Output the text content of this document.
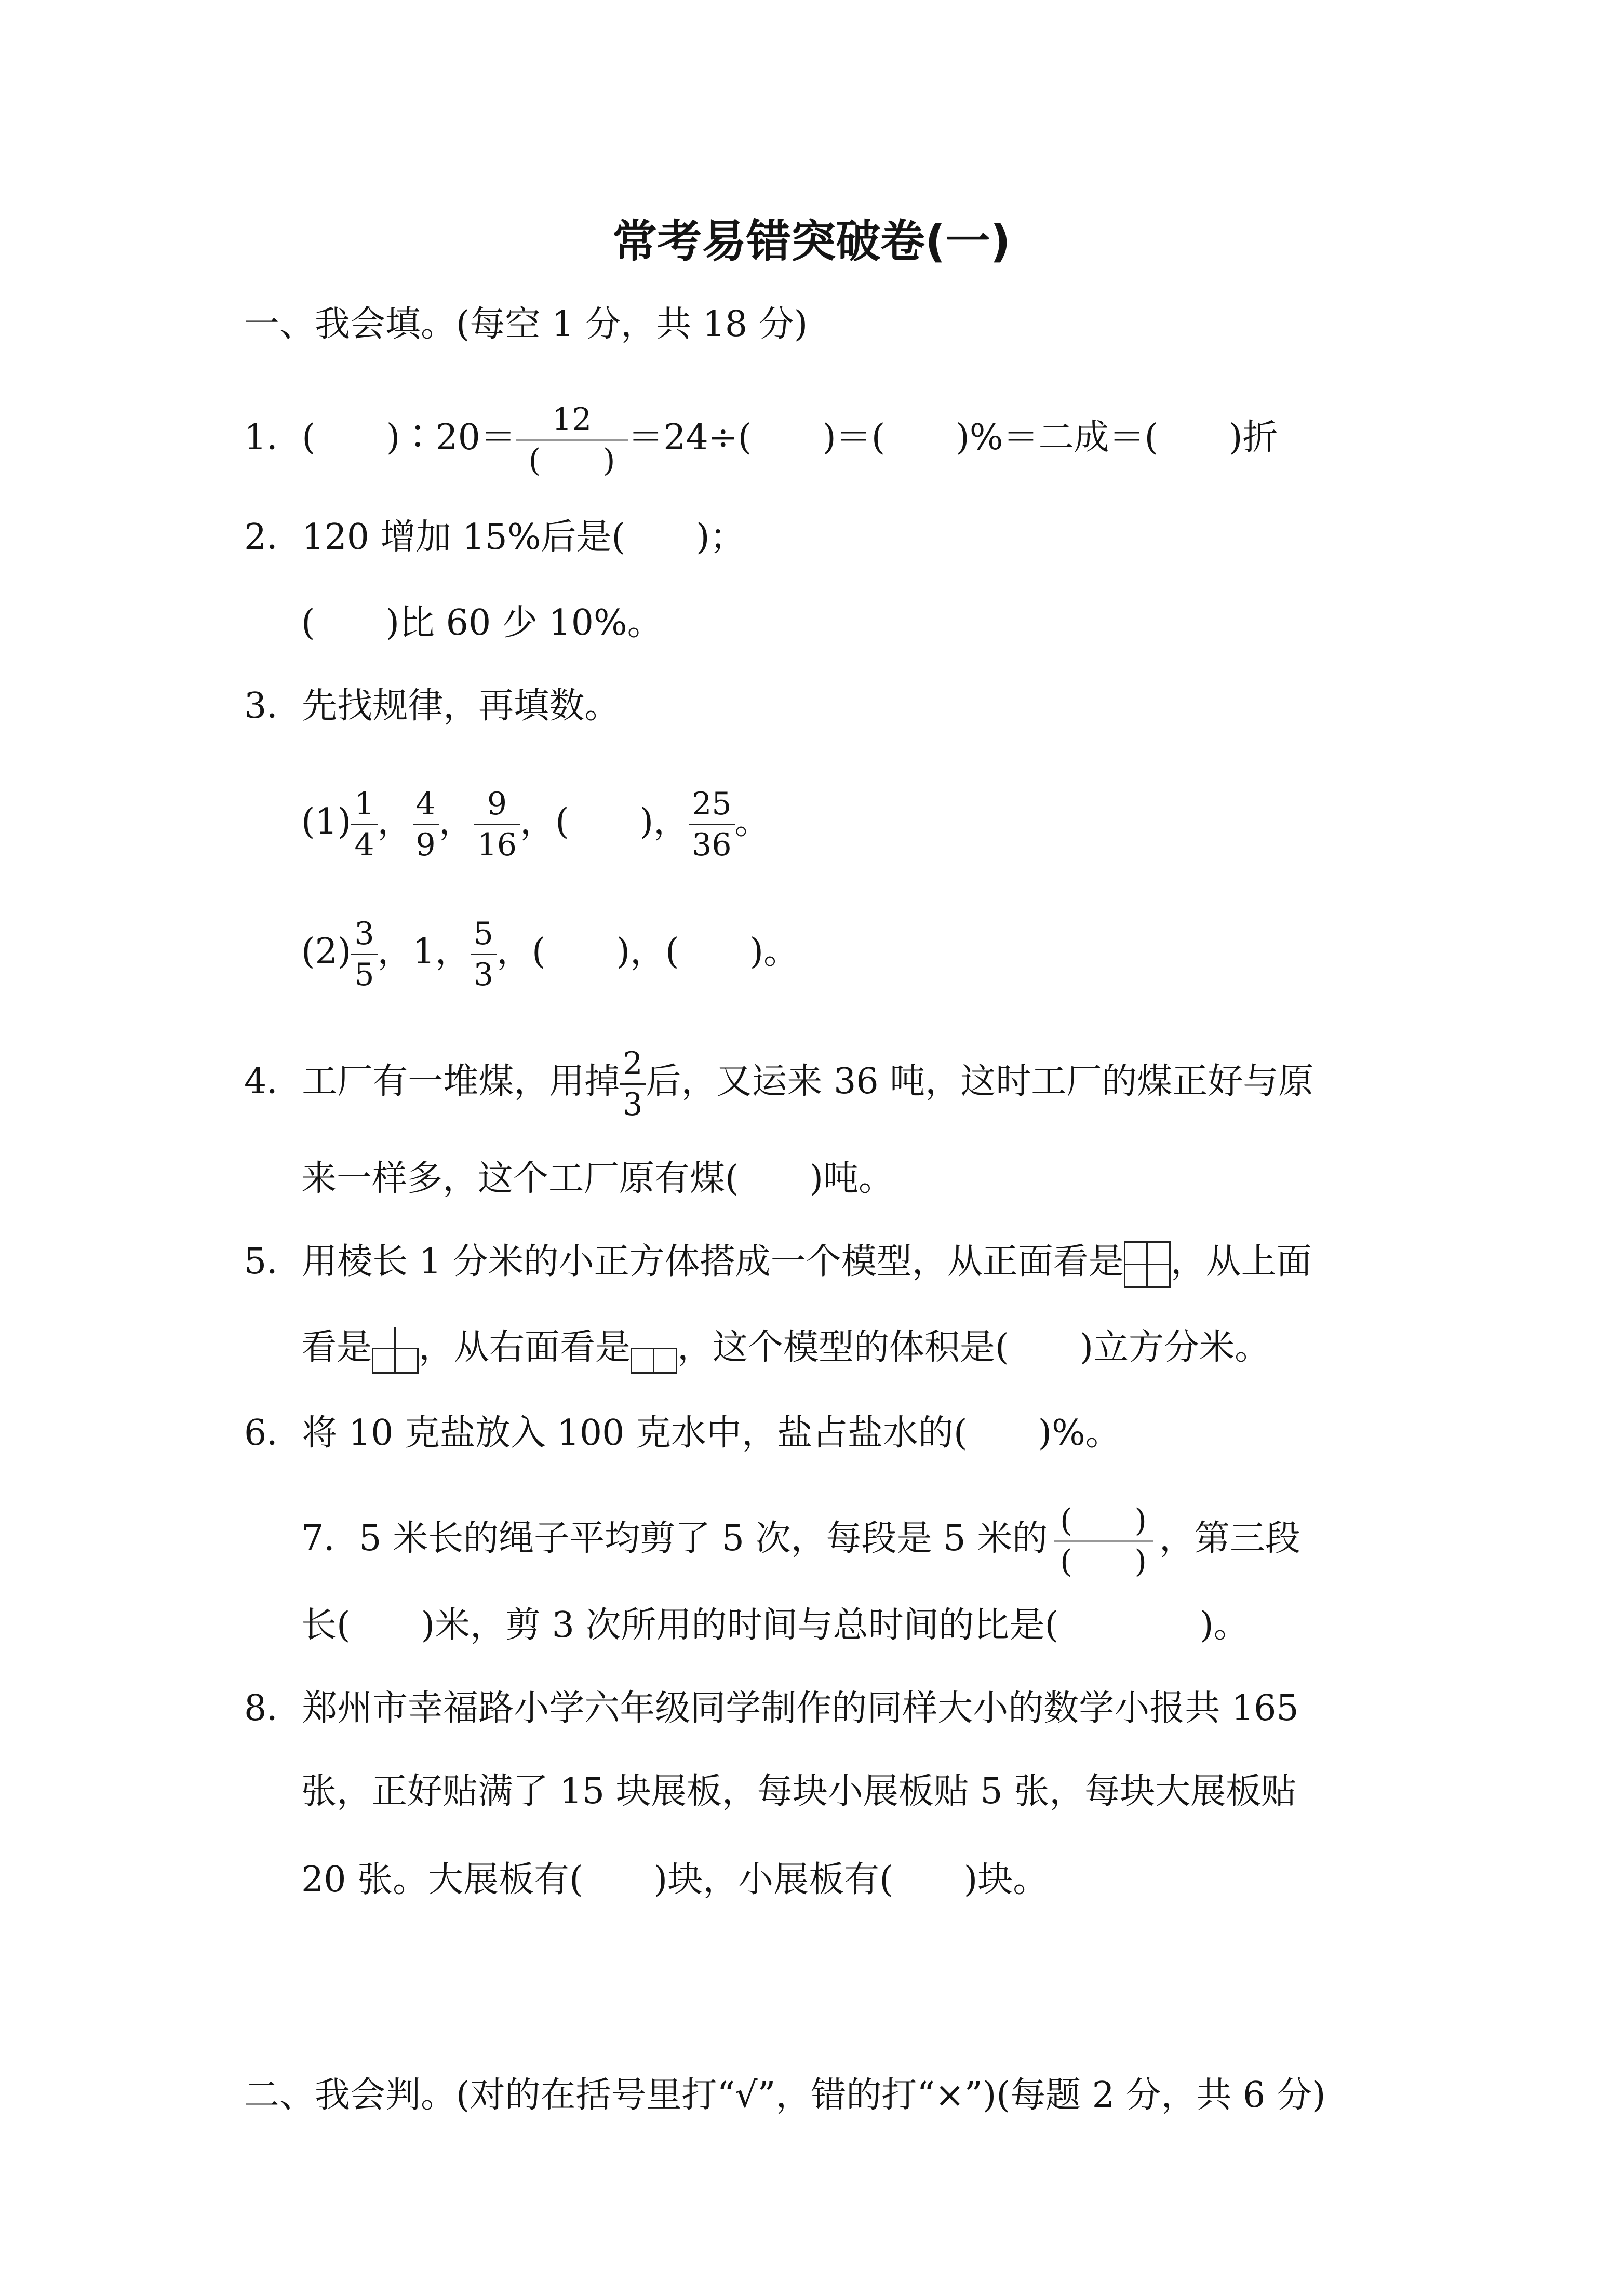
常考易错突破卷(一)
一、我会填。(每空 1 分，共 18 分)
1．(　　)∶20＝ $\frac{12}{( )} =24\div$(　　)＝(　　)%＝二成＝(　　)折
2．120 增加 15%后是(　　)；
(　　)比 60 少 10%。
3．先找规律，再填数。
$(1) \frac{1}{4}$ ， $\frac{4}{9}$ ， $\frac{9}{16}$ ，(　　)， $\frac{25}{36}$ 。
$(2) \frac{3}{5}$ ，1， $\frac{5}{3}$ ，(　　)，(　　)。
4．工厂有一堆煤，用掉 $\frac{2}{3}$ 后，又运来 36 吨，这时工厂的煤正好与原
来一样多，这个工厂原有煤(　　)吨。
5．用棱长 1 分米的小正方体搭成一个模型，从正面看是 ，从上面
看是 ，从右面看是 ，这个模型的体积是(　　)立方分米。
6．将 10 克盐放入 100 克水中，盐占盐水的(　　)%。
7．5 米长的绳子平均剪了 5 次，每段是 5 米的 $\frac{( )}{( )}$ ，第三段
长(　　)米，剪 3 次所用的时间与总时间的比是(　　　　)。
8．郑州市幸福路小学六年级同学制作的同样大小的数学小报共 165
张，正好贴满了 15 块展板，每块小展板贴 5 张，每块大展板贴
20 张。大展板有(　　)块，小展板有(　　)块。
二、我会判。(对的在括号里打“√”，错的打“×”)(每题 2 分，共 6 分)
